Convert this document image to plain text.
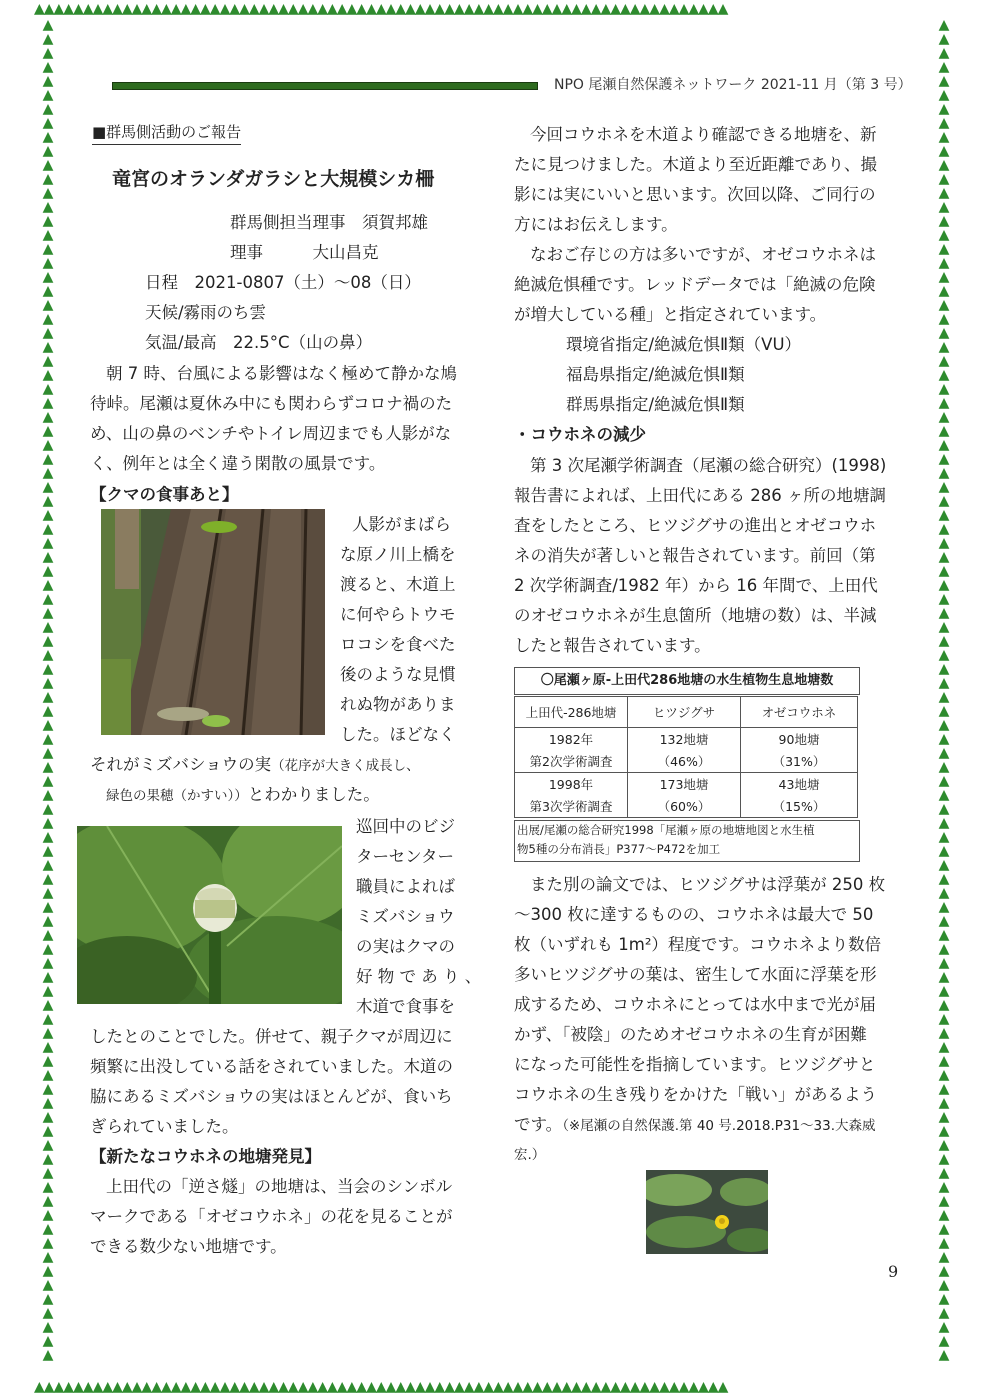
▲▲▲▲▲▲▲▲▲▲▲▲▲▲▲▲▲▲▲▲▲▲▲▲▲▲▲▲▲▲▲▲▲▲▲▲▲▲▲▲▲▲▲▲▲▲▲▲▲▲▲▲▲▲▲▲▲▲▲▲▲▲▲▲▲▲▲▲▲▲▲
▲▲▲▲▲▲▲▲▲▲▲▲▲▲▲▲▲▲▲▲▲▲▲▲▲▲▲▲▲▲▲▲▲▲▲▲▲▲▲▲▲▲▲▲▲▲▲▲▲▲▲▲▲▲▲▲▲▲▲▲▲▲▲▲▲▲▲▲▲▲▲
▲▲▲▲▲▲▲▲▲▲▲▲▲▲▲▲▲▲▲▲▲▲▲▲▲▲▲▲▲▲▲▲▲▲▲▲▲▲▲▲▲▲▲▲▲▲▲▲▲▲▲▲▲▲▲▲▲▲▲▲▲▲▲▲▲▲▲▲▲▲▲▲▲▲▲▲▲▲▲▲▲▲▲▲▲▲▲▲▲▲▲▲▲▲▲▲
▲▲▲▲▲▲▲▲▲▲▲▲▲▲▲▲▲▲▲▲▲▲▲▲▲▲▲▲▲▲▲▲▲▲▲▲▲▲▲▲▲▲▲▲▲▲▲▲▲▲▲▲▲▲▲▲▲▲▲▲▲▲▲▲▲▲▲▲▲▲▲▲▲▲▲▲▲▲▲▲▲▲▲▲▲▲▲▲▲▲▲▲▲▲▲▲
NPO 尾瀬自然保護ネットワーク 2021-11 月（第 3 号）
■群馬側活動のご報告
竜宮のオランダガラシと大規模シカ柵
群馬側担当理事　須賀邦雄
理事　　　大山昌克
日程　2021-0807（土）～08（日）
天候/霧雨のち雲
気温/最高　22.5°C（山の鼻）
朝 7 時、台風による影響はなく極めて静かな鳩
待峠。尾瀬は夏休み中にも関わらずコロナ禍のた
め、山の鼻のベンチやトイレ周辺までも人影がな
く、例年とは全く違う閑散の風景です。
【クマの食事あと】
人影がまばら
な原ノ川上橋を
渡ると、木道上
に何やらトウモ
ロコシを食べた
後のような見慣
れぬ物がありま
した。ほどなく
それがミズバショウの実（花序が大きく成長し、
緑色の果穂（かすい））とわかりました。
巡回中のビジ
ターセンター
職員によれば
ミズバショウ
の実はクマの
好 物 で あ り 、
木道で食事を
したとのことでした。併せて、親子クマが周辺に
頻繁に出没している話をされていました。木道の
脇にあるミズバショウの実はほとんどが、食いち
ぎられていました。
【新たなコウホネの地塘発見】
上田代の「逆さ燧」の地塘は、当会のシンボル
マークである「オゼコウホネ」の花を見ることが
できる数少ない地塘です。
今回コウホネを木道より確認できる地塘を、新
たに見つけました。木道より至近距離であり、撮
影には実にいいと思います。次回以降、ご同行の
方にはお伝えします。
なおご存じの方は多いですが、オゼコウホネは
絶滅危惧種です。レッドデータでは「絶滅の危険
が増大している種」と指定されています。
環境省指定/絶滅危惧Ⅱ類（VU）
福島県指定/絶滅危惧Ⅱ類
群馬県指定/絶滅危惧Ⅱ類
・コウホネの減少
第 3 次尾瀬学術調査（尾瀬の総合研究）(1998)
報告書によれば、上田代にある 286 ヶ所の地塘調
査をしたところ、ヒツジグサの進出とオゼコウホ
ネの消失が著しいと報告されています。前回（第
2 次学術調査/1982 年）から 16 年間で、上田代
のオゼコウホネが生息箇所（地塘の数）は、半減
したと報告されています。
〇尾瀬ヶ原-上田代286地塘の水生植物生息地塘数
上田代-286地塘	ヒツジグサ	オゼコウホネ
1982年	132地塘	90地塘
第2次学術調査	（46%）	（31%）
1998年	173地塘	43地塘
第3次学術調査	（60%）	（15%）
出展/尾瀬の総合研究1998「尾瀬ヶ原の地塘地図と水生植
物5種の分布消長」P377～P472を加工
また別の論文では、ヒツジグサは浮葉が 250 枚
～300 枚に達するものの、コウホネは最大で 50
枚（いずれも 1m²）程度です。コウホネより数倍
多いヒツジグサの葉は、密生して水面に浮葉を形
成するため、コウホネにとっては水中まで光が届
かず、「被陰」のためオゼコウホネの生育が困難
になった可能性を指摘しています。ヒツジグサと
コウホネの生き残りをかけた「戦い」があるよう
です。（※尾瀬の自然保護.第 40 号.2018.P31～33.大森威
宏.）
9
